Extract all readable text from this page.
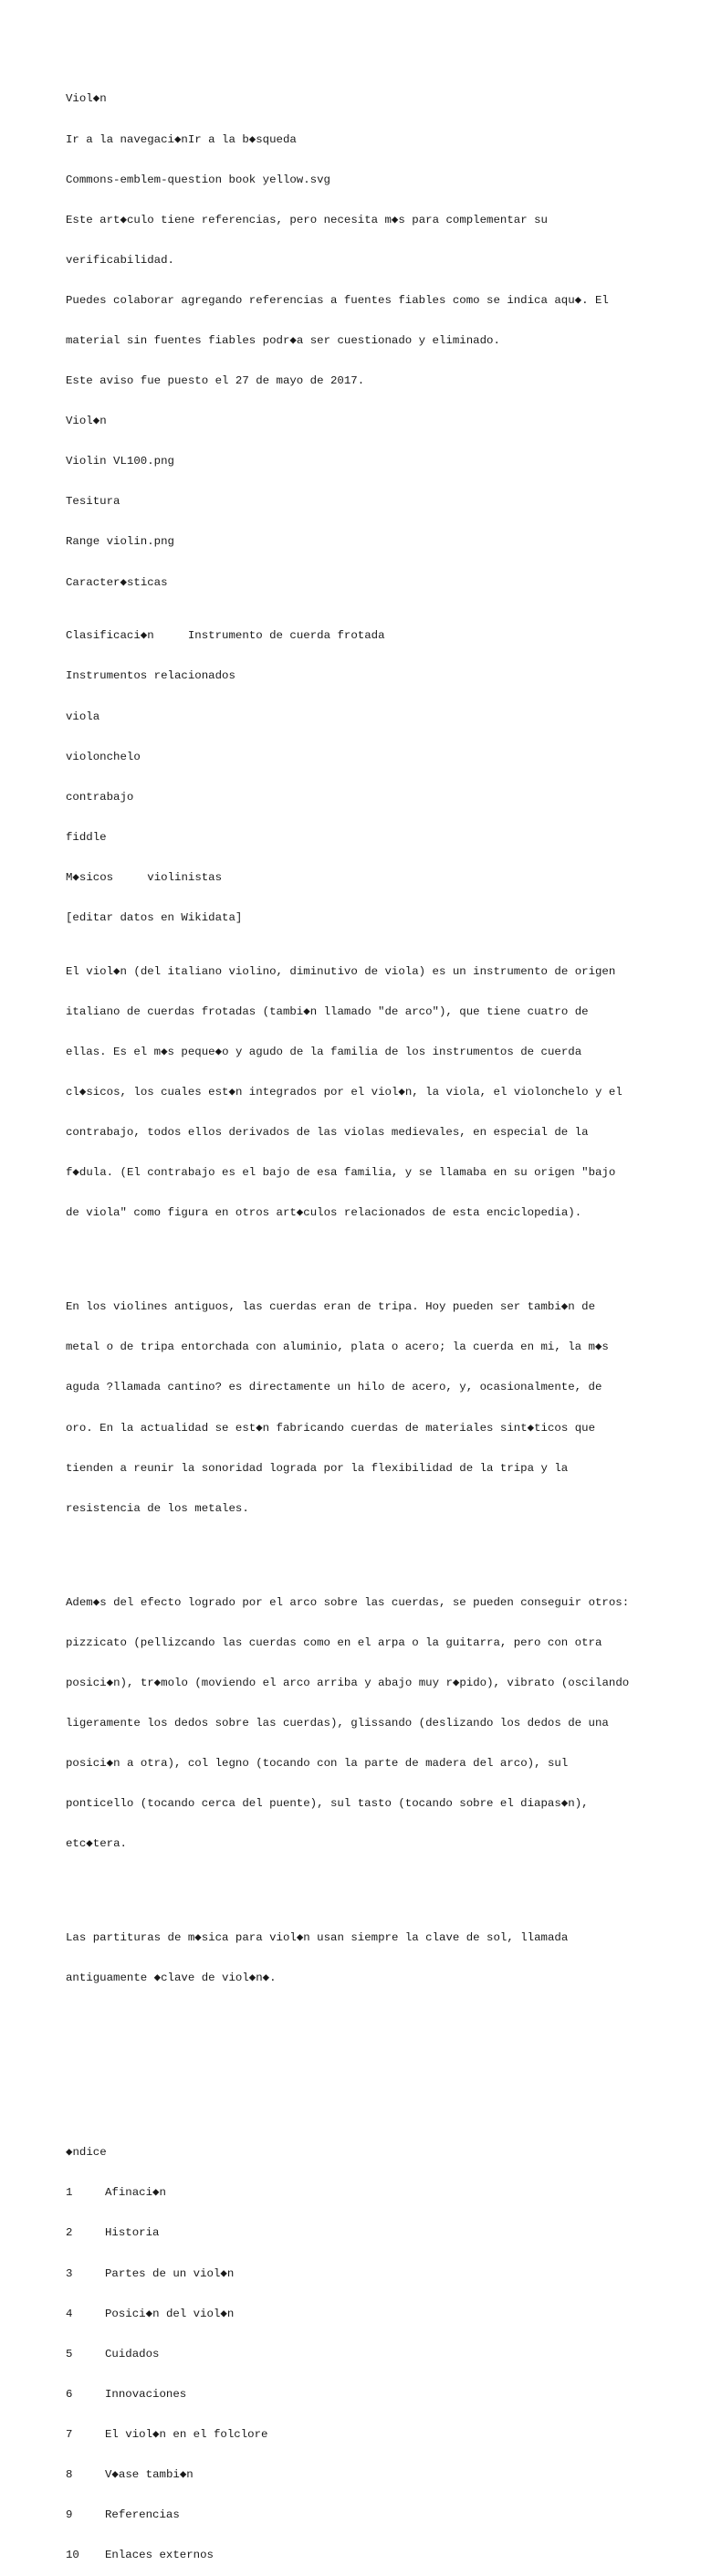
Viol◆n

Ir a la navegaci◆nIr a la b◆squeda

Commons-emblem-question book yellow.svg

Este art◆culo tiene referencias, pero necesita m◆s para complementar su

verificabilidad.

Puedes colaborar agregando referencias a fuentes fiables como se indica aqu◆. El

material sin fuentes fiables podr◆a ser cuestionado y eliminado.

Este aviso fue puesto el 27 de mayo de 2017.

Viol◆n

Violin VL100.png

Tesitura

Range violin.png

Caracter◆sticas

Clasificaci◆n	Instrumento de cuerda frotada

Instrumentos relacionados

viola

violonchelo

contrabajo

fiddle

M◆sicos	violinistas

[editar datos en Wikidata]

El viol◆n (del italiano violino, diminutivo de viola) es un instrumento de origen

italiano de cuerdas frotadas (tambi◆n llamado "de arco"), que tiene cuatro de

ellas. Es el m◆s peque◆o y agudo de la familia de los instrumentos de cuerda

cl◆sicos, los cuales est◆n integrados por el viol◆n, la viola, el violonchelo y el

contrabajo, todos ellos derivados de las violas medievales, en especial de la

f◆dula. (El contrabajo es el bajo de esa familia, y se llamaba en su origen "bajo

de viola" como figura en otros art◆culos relacionados de esta enciclopedia).

En los violines antiguos, las cuerdas eran de tripa. Hoy pueden ser tambi◆n de

metal o de tripa entorchada con aluminio, plata o acero; la cuerda en mi, la m◆s

aguda ?llamada cantino? es directamente un hilo de acero, y, ocasionalmente, de

oro. En la actualidad se est◆n fabricando cuerdas de materiales sint◆ticos que

tienden a reunir la sonoridad lograda por la flexibilidad de la tripa y la

resistencia de los metales.

Adem◆s del efecto logrado por el arco sobre las cuerdas, se pueden conseguir otros:

pizzicato (pellizcando las cuerdas como en el arpa o la guitarra, pero con otra

posici◆n), tr◆molo (moviendo el arco arriba y abajo muy r◆pido), vibrato (oscilando

ligeramente los dedos sobre las cuerdas), glissando (deslizando los dedos de una

posici◆n a otra), col legno (tocando con la parte de madera del arco), sul

ponticello (tocando cerca del puente), sul tasto (tocando sobre el diapas◆n),

etc◆tera.

Las partituras de m◆sica para viol◆n usan siempre la clave de sol, llamada

antiguamente ◆clave de viol◆n◆.

◆ndice

1	Afinaci◆n

2	Historia

3	Partes de un viol◆n

4	Posici◆n del viol◆n

5	Cuidados

6	Innovaciones

7	El viol◆n en el folclore

8	V◆ase tambi◆n

9	Referencias

10 Enlaces externos
